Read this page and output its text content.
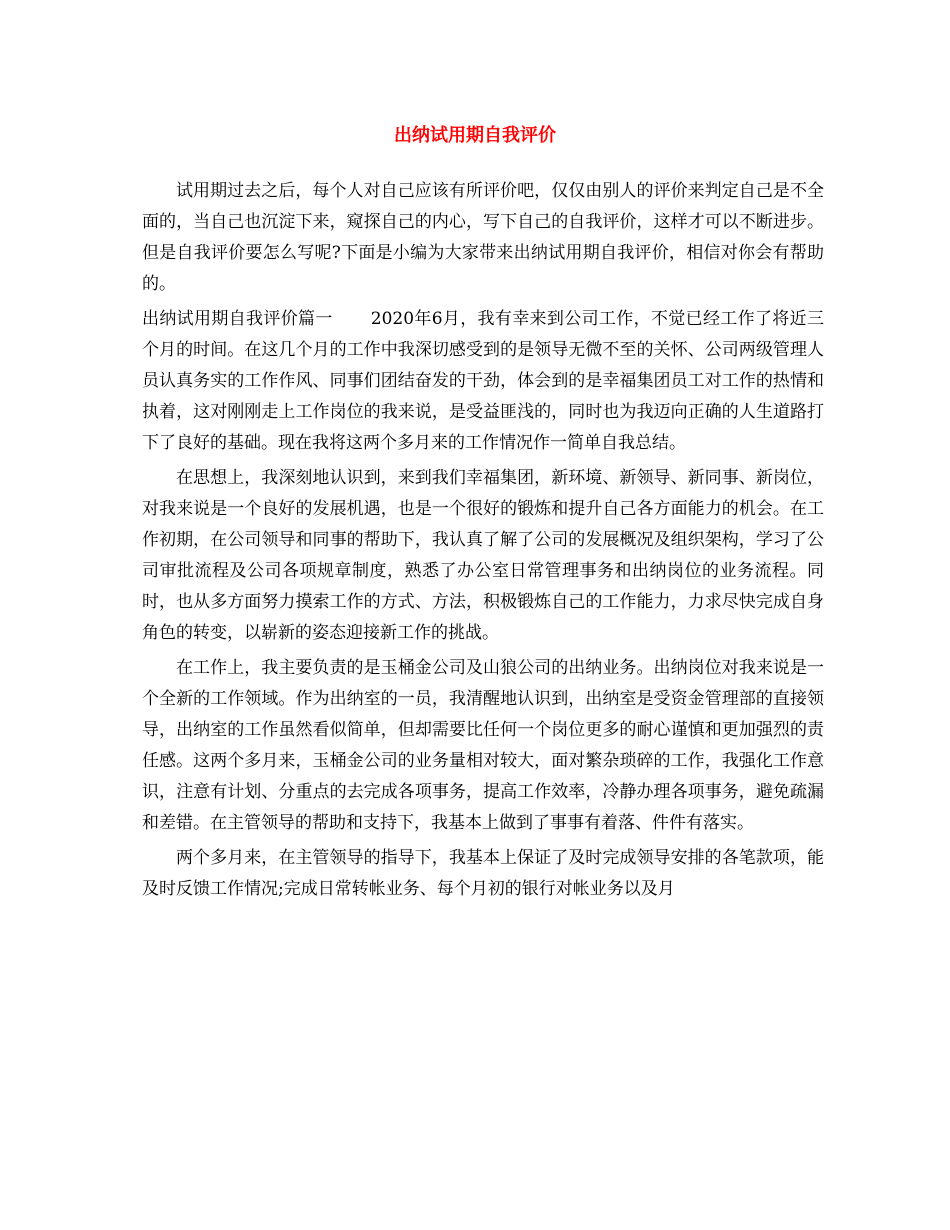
出纳试用期自我评价

试用期过去之后，每个人对自己应该有所评价吧，仅仅由别人的评价来判定自己是不全面的，当自己也沉淀下来，窥探自己的内心，写下自己的自我评价，这样才可以不断进步。但是自我评价要怎么写呢?下面是小编为大家带来出纳试用期自我评价，相信对你会有帮助的。

出纳试用期自我评价篇一 2020年6月，我有幸来到公司工作，不觉已经工作了将近三个月的时间。在这几个月的工作中我深切感受到的是领导无微不至的关怀、公司两级管理人员认真务实的工作作风、同事们团结奋发的干劲，体会到的是幸福集团员工对工作的热情和执着，这对刚刚走上工作岗位的我来说，是受益匪浅的，同时也为我迈向正确的人生道路打下了良好的基础。现在我将这两个多月来的工作情况作一简单自我总结。

在思想上，我深刻地认识到，来到我们幸福集团，新环境、新领导、新同事、新岗位，对我来说是一个良好的发展机遇，也是一个很好的锻炼和提升自己各方面能力的机会。在工作初期，在公司领导和同事的帮助下，我认真了解了公司的发展概况及组织架构，学习了公司审批流程及公司各项规章制度，熟悉了办公室日常管理事务和出纳岗位的业务流程。同时，也从多方面努力摸索工作的方式、方法，积极锻炼自己的工作能力，力求尽快完成自身角色的转变，以崭新的姿态迎接新工作的挑战。

在工作上，我主要负责的是玉桶金公司及山狼公司的出纳业务。出纳岗位对我来说是一个全新的工作领域。作为出纳室的一员，我清醒地认识到，出纳室是受资金管理部的直接领导，出纳室的工作虽然看似简单，但却需要比任何一个岗位更多的耐心谨慎和更加强烈的责任感。这两个多月来，玉桶金公司的业务量相对较大，面对繁杂琐碎的工作，我强化工作意识，注意有计划、分重点的去完成各项事务，提高工作效率，冷静办理各项事务，避免疏漏和差错。在主管领导的帮助和支持下，我基本上做到了事事有着落、件件有落实。

两个多月来，在主管领导的指导下，我基本上保证了及时完成领导安排的各笔款项，能及时反馈工作情况;完成日常转帐业务、每个月初的银行对帐业务以及月
